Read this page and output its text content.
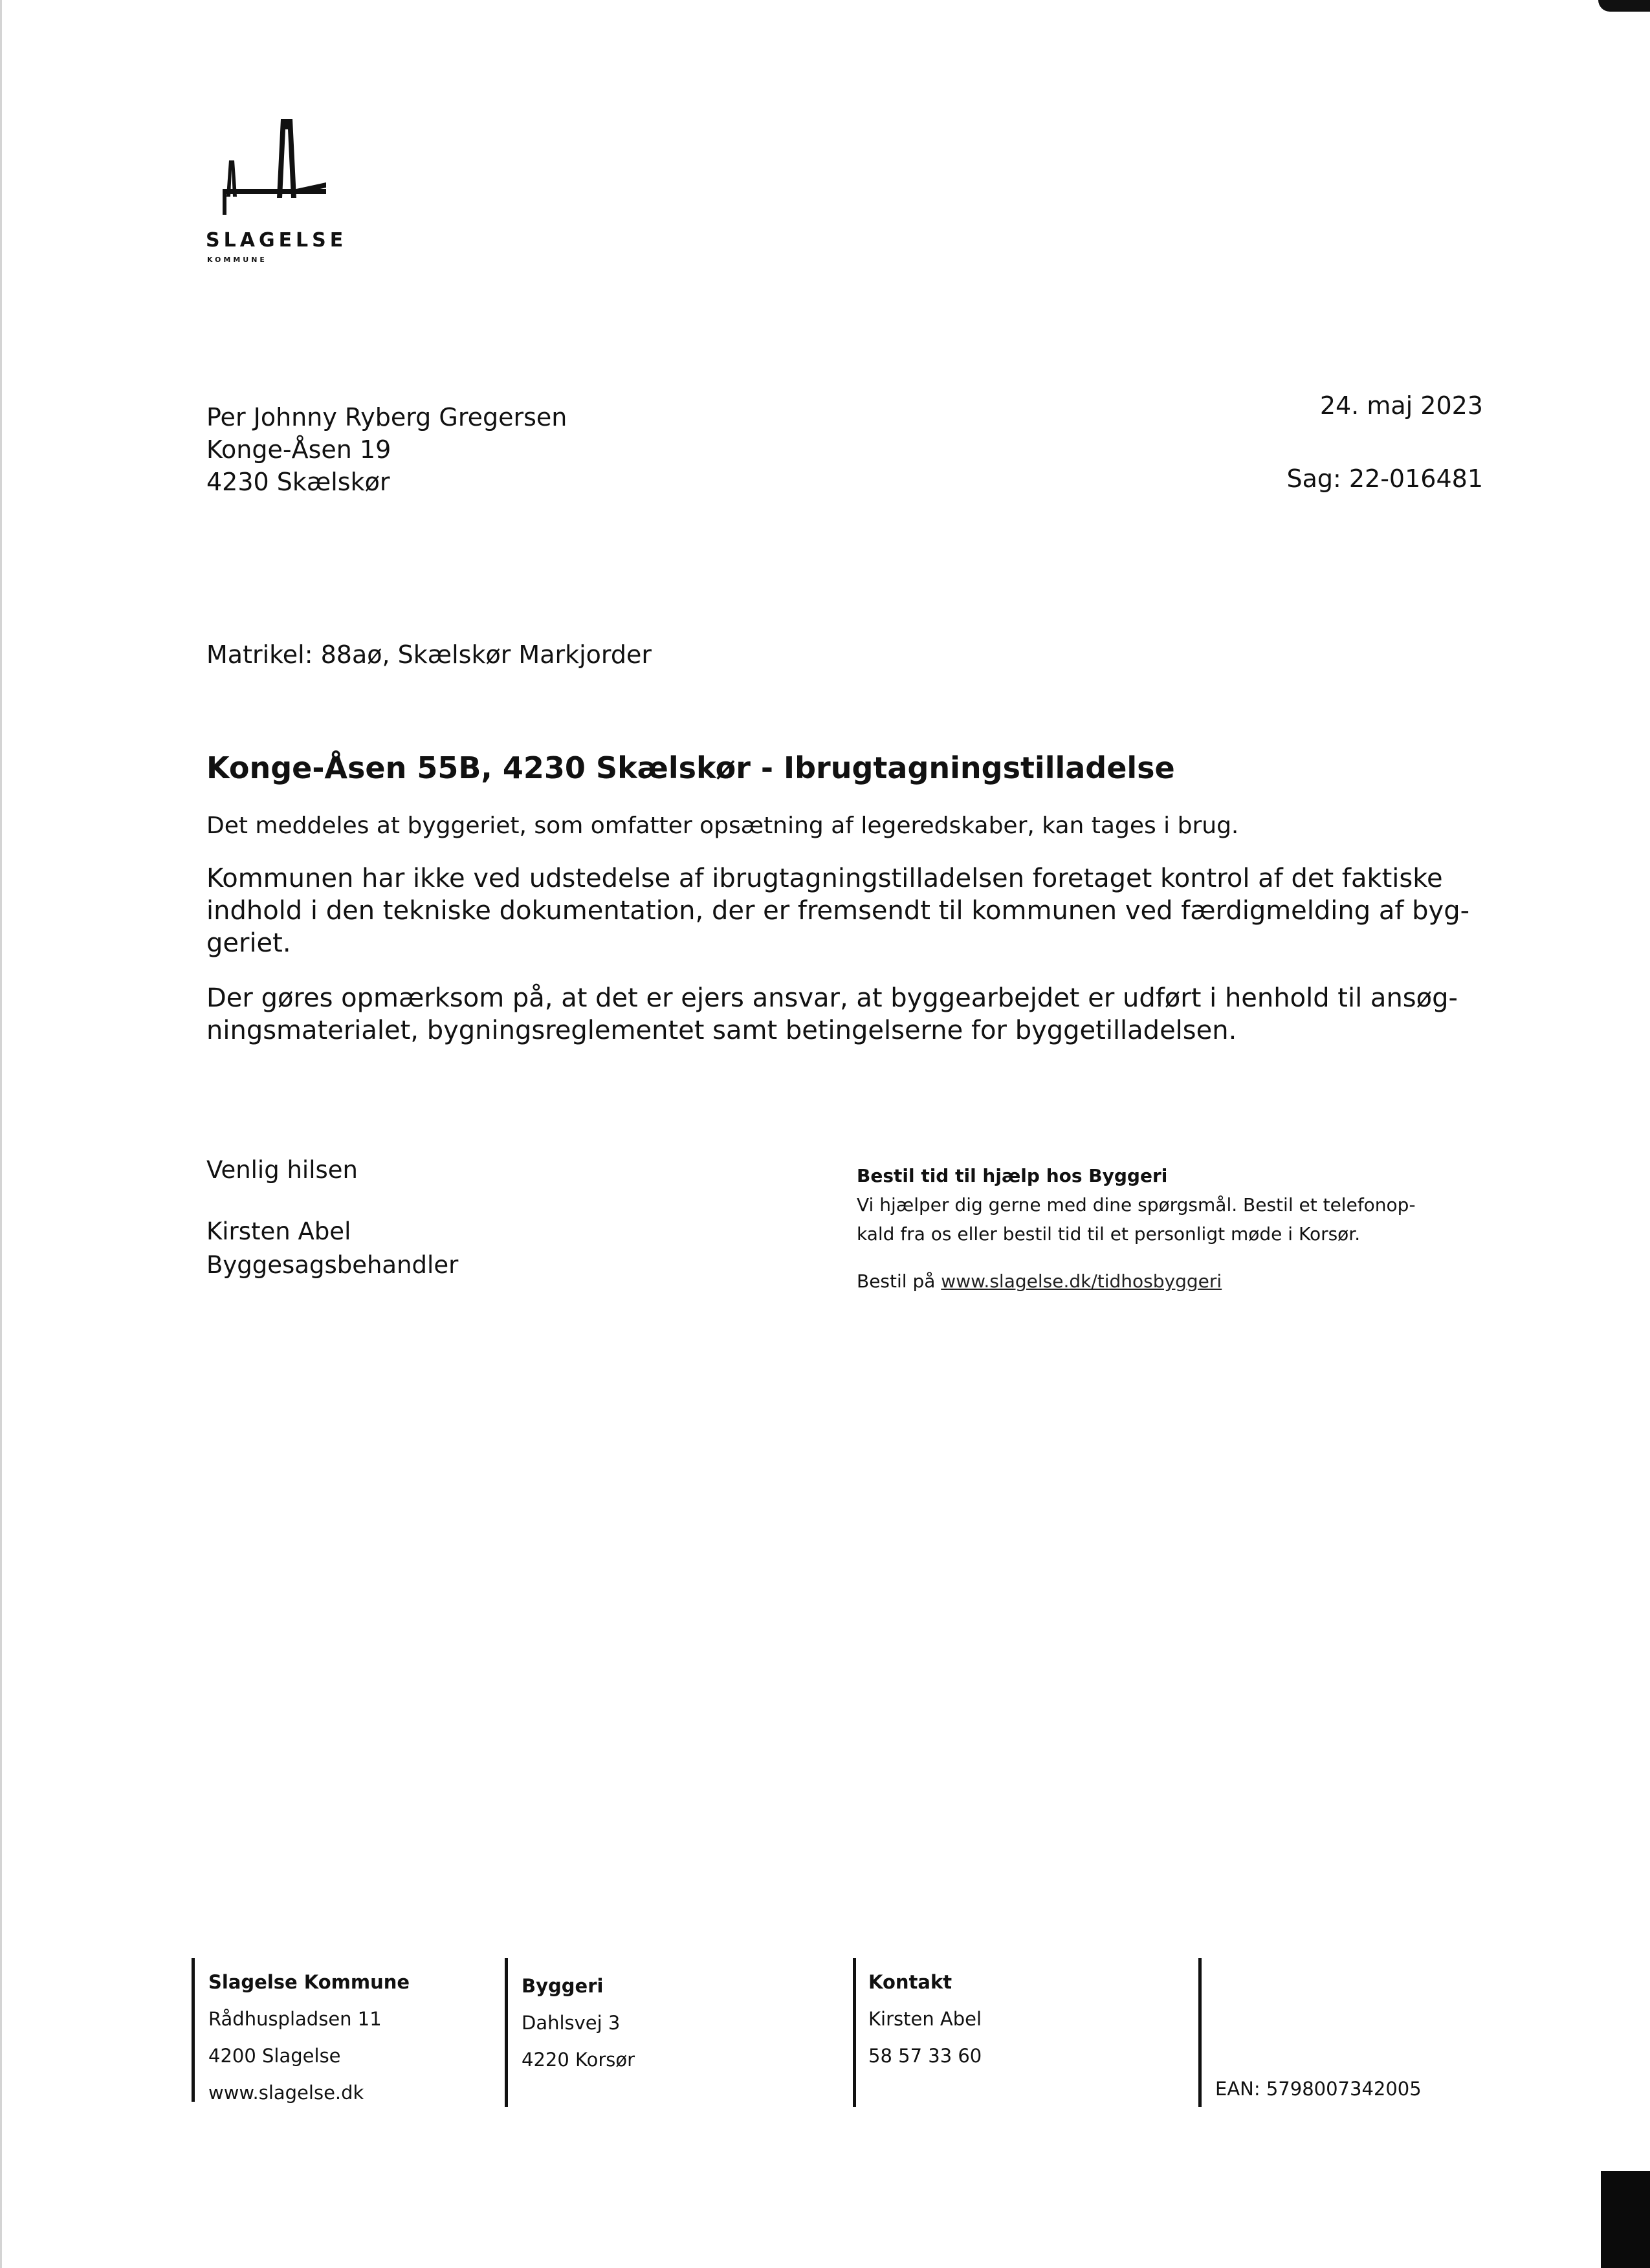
SLAGELSE
KOMMUNE
Per Johnny Ryberg Gregersen
Konge-Åsen 19
4230 Skælskør
24. maj 2023
Sag: 22-016481
Matrikel: 88aø, Skælskør Markjorder
Konge-Åsen 55B, 4230 Skælskør - Ibrugtagningstilladelse
Det meddeles at byggeriet, som omfatter opsætning af legeredskaber, kan tages i brug.
Kommunen har ikke ved udstedelse af ibrugtagningstilladelsen foretaget kontrol af det faktiske
indhold i den tekniske dokumentation, der er fremsendt til kommunen ved færdigmelding af byg-
geriet.
Der gøres opmærksom på, at det er ejers ansvar, at byggearbejdet er udført i henhold til ansøg-
ningsmaterialet, bygningsreglementet samt betingelserne for byggetilladelsen.
Venlig hilsen
Kirsten Abel
Byggesagsbehandler
Bestil tid til hjælp hos Byggeri
Vi hjælper dig gerne med dine spørgsmål. Bestil et telefonop-
kald fra os eller bestil tid til et personligt møde i Korsør.
Bestil på www.slagelse.dk/tidhosbyggeri
Slagelse Kommune
Rådhuspladsen 11
4200 Slagelse
www.slagelse.dk
Byggeri
Dahlsvej 3
4220 Korsør
Kontakt
Kirsten Abel
58 57 33 60
EAN: 5798007342005
